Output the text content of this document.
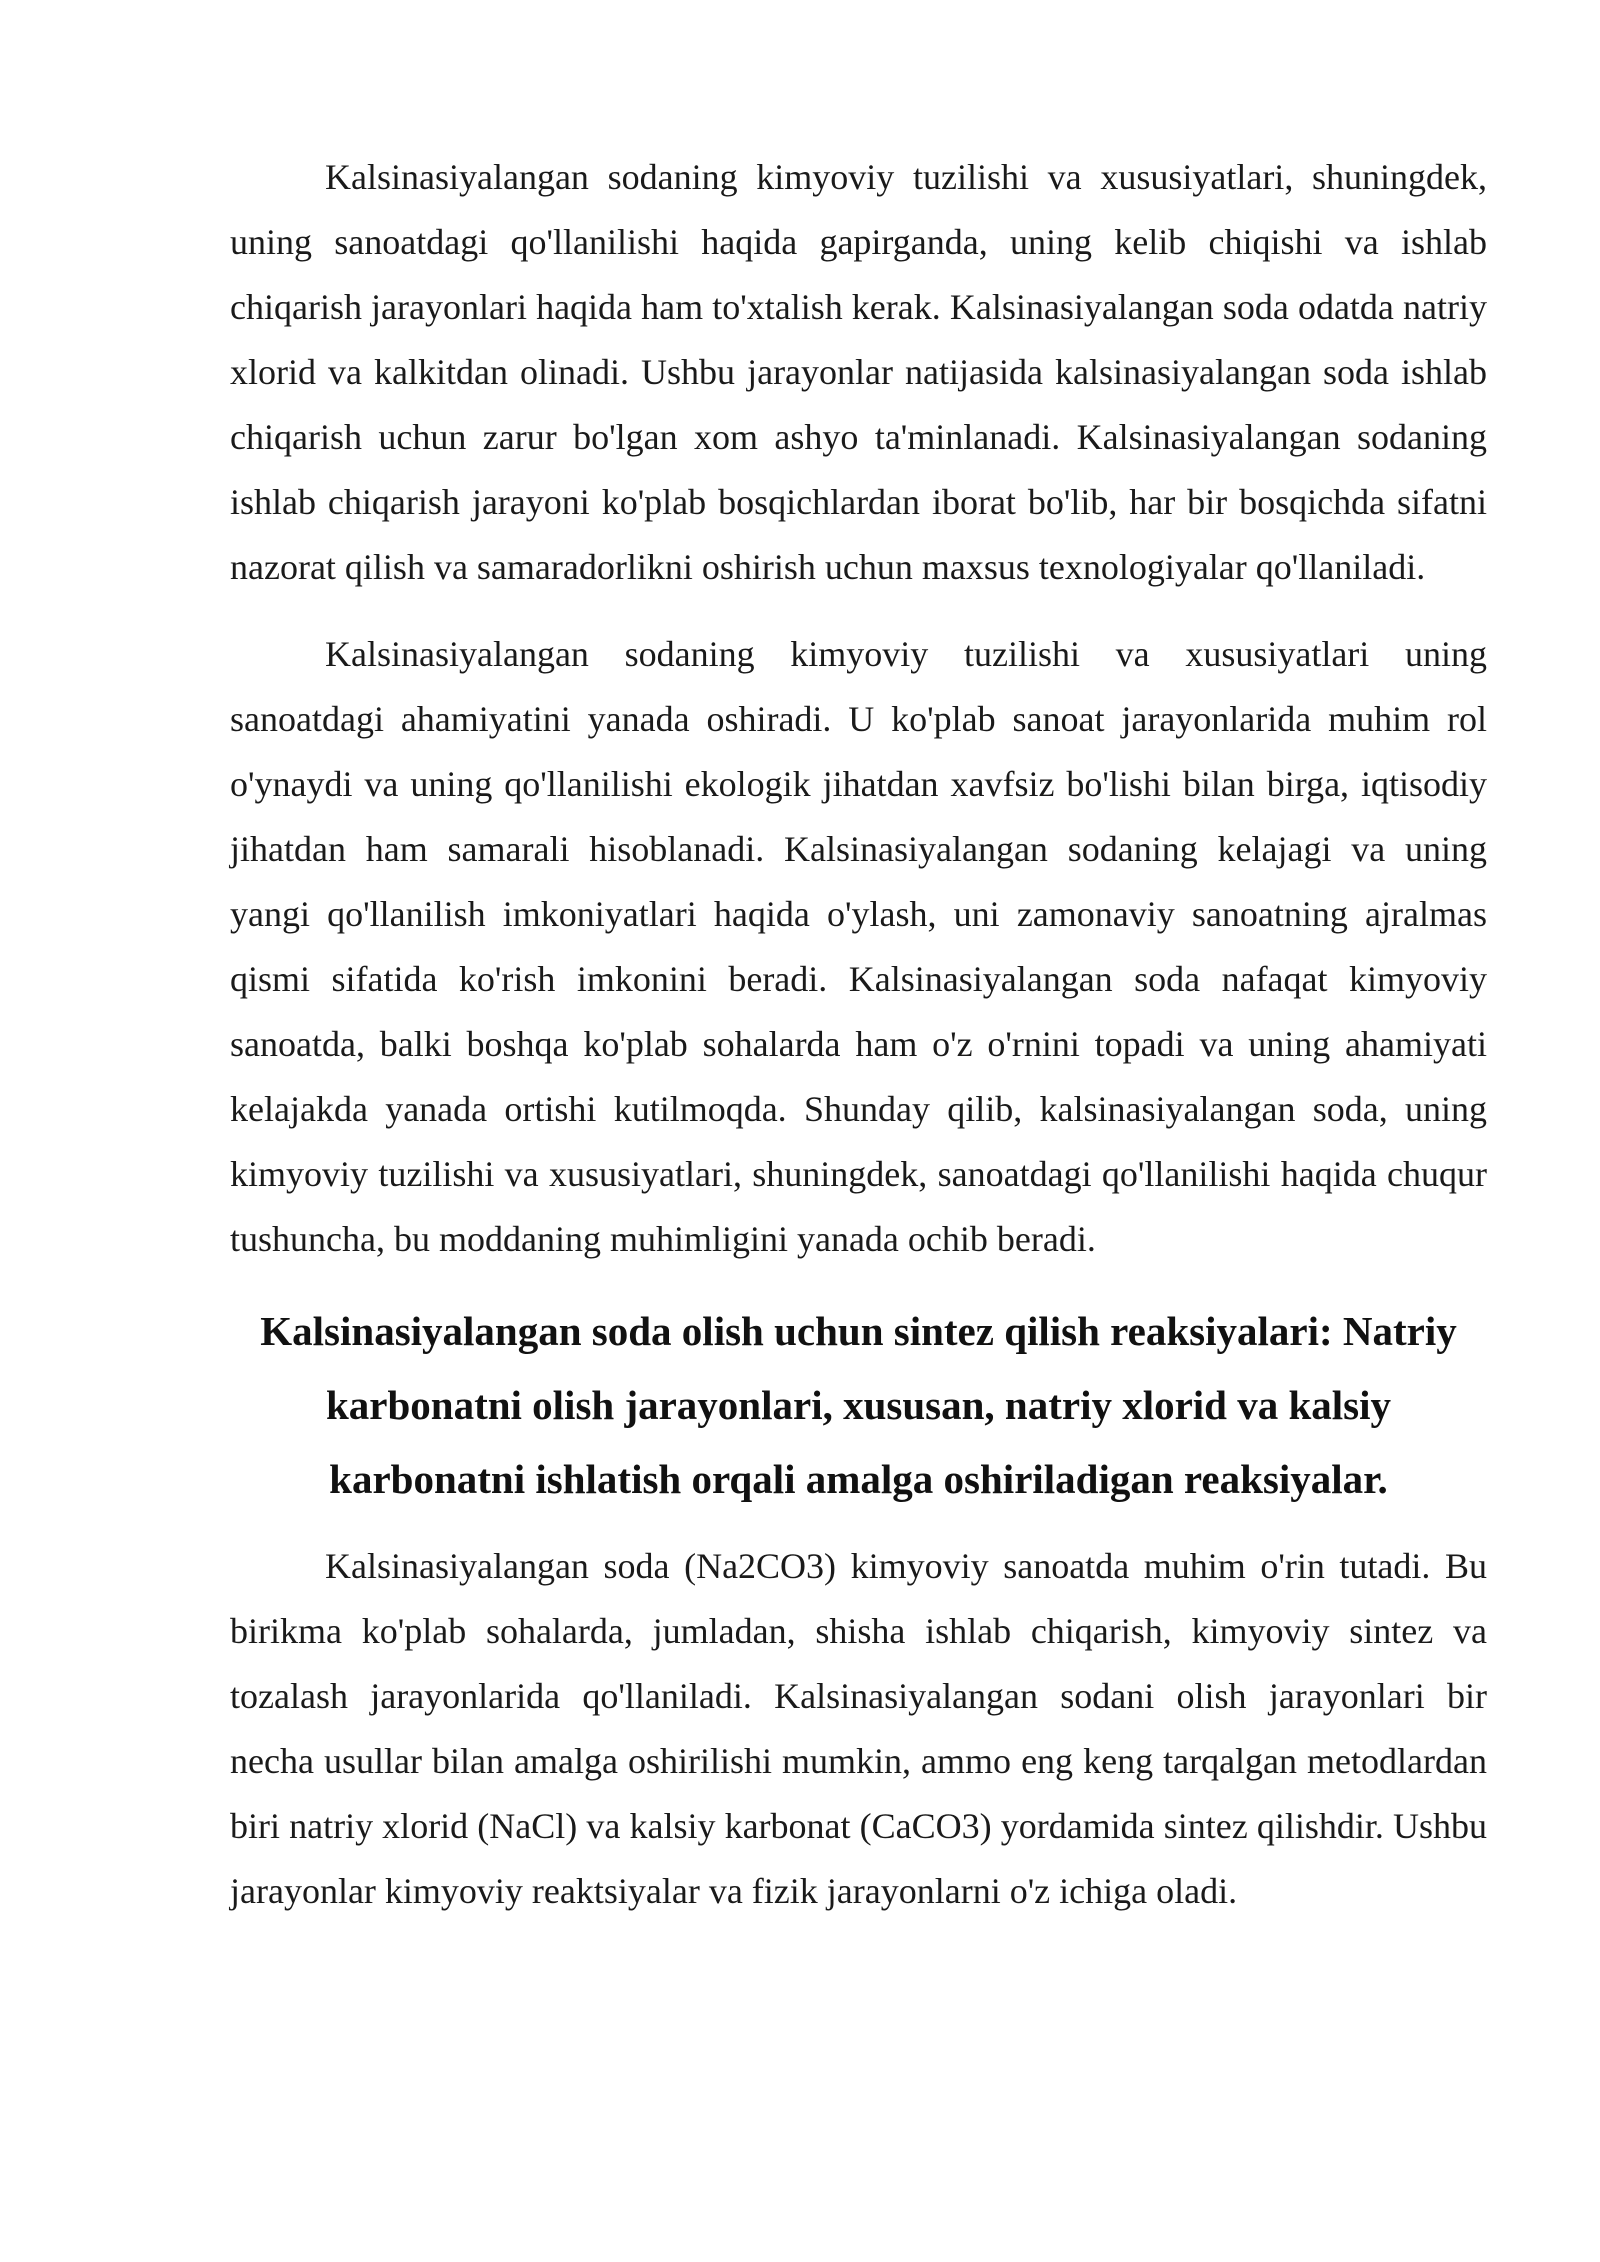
Kalsinasiyalangan sodaning kimyoviy tuzilishi va xususiyatlari, shuningdek, uning sanoatdagi qo'llanilishi haqida gapirganda, uning kelib chiqishi va ishlab chiqarish jarayonlari haqida ham to'xtalish kerak. Kalsinasiyalangan soda odatda natriy xlorid va kalkitdan olinadi. Ushbu jarayonlar natijasida kalsinasiyalangan soda ishlab chiqarish uchun zarur bo'lgan xom ashyo ta'minlanadi. Kalsinasiyalangan sodaning ishlab chiqarish jarayoni ko'plab bosqichlardan iborat bo'lib, har bir bosqichda sifatni nazorat qilish va samaradorlikni oshirish uchun maxsus texnologiyalar qo'llaniladi.

Kalsinasiyalangan sodaning kimyoviy tuzilishi va xususiyatlari uning sanoatdagi ahamiyatini yanada oshiradi. U ko'plab sanoat jarayonlarida muhim rol o'ynaydi va uning qo'llanilishi ekologik jihatdan xavfsiz bo'lishi bilan birga, iqtisodiy jihatdan ham samarali hisoblanadi. Kalsinasiyalangan sodaning kelajagi va uning yangi qo'llanilish imkoniyatlari haqida o'ylash, uni zamonaviy sanoatning ajralmas qismi sifatida ko'rish imkonini beradi. Kalsinasiyalangan soda nafaqat kimyoviy sanoatda, balki boshqa ko'plab sohalarda ham o'z o'rnini topadi va uning ahamiyati kelajakda yanada ortishi kutilmoqda. Shunday qilib, kalsinasiyalangan soda, uning kimyoviy tuzilishi va xususiyatlari, shuningdek, sanoatdagi qo'llanilishi haqida chuqur tushuncha, bu moddaning muhimligini yanada ochib beradi.

Kalsinasiyalangan soda olish uchun sintez qilish reaksiyalari: Natriy karbonatni olish jarayonlari, xususan, natriy xlorid va kalsiy karbonatni ishlatish orqali amalga oshiriladigan reaksiyalar.

Kalsinasiyalangan soda (Na2CO3) kimyoviy sanoatda muhim o'rin tutadi. Bu birikma ko'plab sohalarda, jumladan, shisha ishlab chiqarish, kimyoviy sintez va tozalash jarayonlarida qo'llaniladi. Kalsinasiyalangan sodani olish jarayonlari bir necha usullar bilan amalga oshirilishi mumkin, ammo eng keng tarqalgan metodlardan biri natriy xlorid (NaCl) va kalsiy karbonat (CaCO3) yordamida sintez qilishdir. Ushbu jarayonlar kimyoviy reaktsiyalar va fizik jarayonlarni o'z ichiga oladi.
